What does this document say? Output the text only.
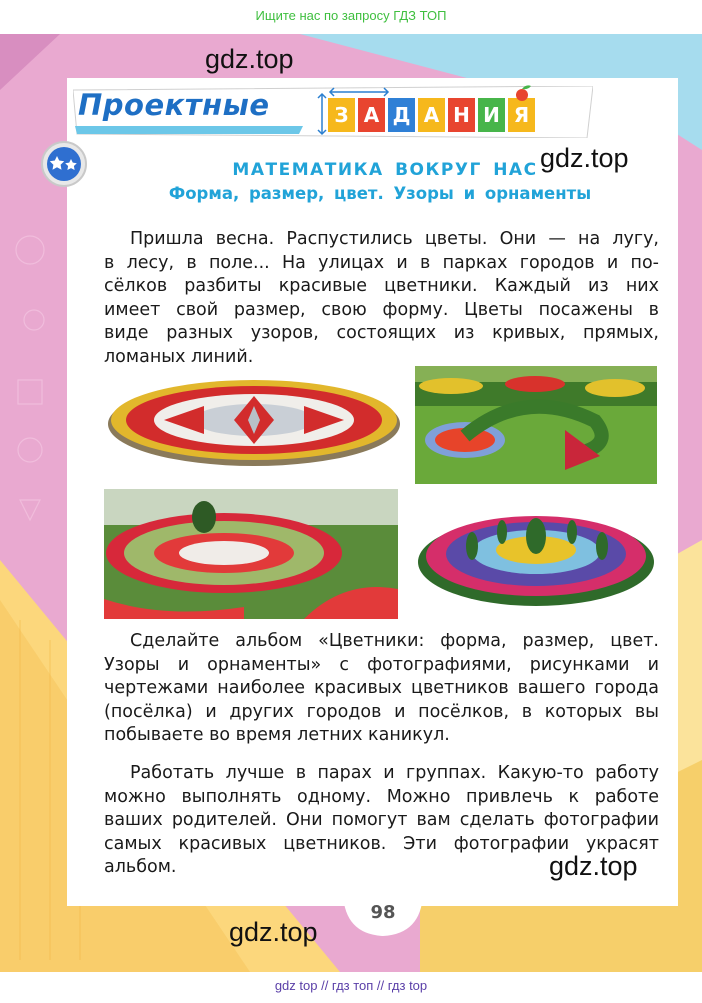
Ищите нас по запросу ГДЗ ТОП
Проектные	З А Д А Н И Я
МАТЕМАТИКА ВОКРУГ НАС
Форма, размер, цвет. Узоры и орнаменты
Пришла весна. Распустились цветы. Они — на лугу,
в лесу, в поле... На улицах и в парках городов и по-
сёлков разбиты красивые цветники. Каждый из них
имеет свой размер, свою форму. Цветы посажены в
виде разных узоров, состоящих из кривых, прямых,
ломаных линий.
Сделайте альбом «Цветники: форма, размер, цвет.
Узоры и орнаменты» с фотографиями, рисунками и
чертежами наиболее красивых цветников вашего города
(посёлка) и других городов и посёлков, в которых вы
побываете во время летних каникул.
Работать лучше в парах и группах. Какую-то работу
можно выполнять одному. Можно привлечь к работе
ваших родителей. Они помогут вам сделать фотографии
самых красивых цветников. Эти фотографии украсят
альбом.
98
gdz.top
gdz.top
gdz.top
gdz.top
gdz top // гдз топ // гдз top
